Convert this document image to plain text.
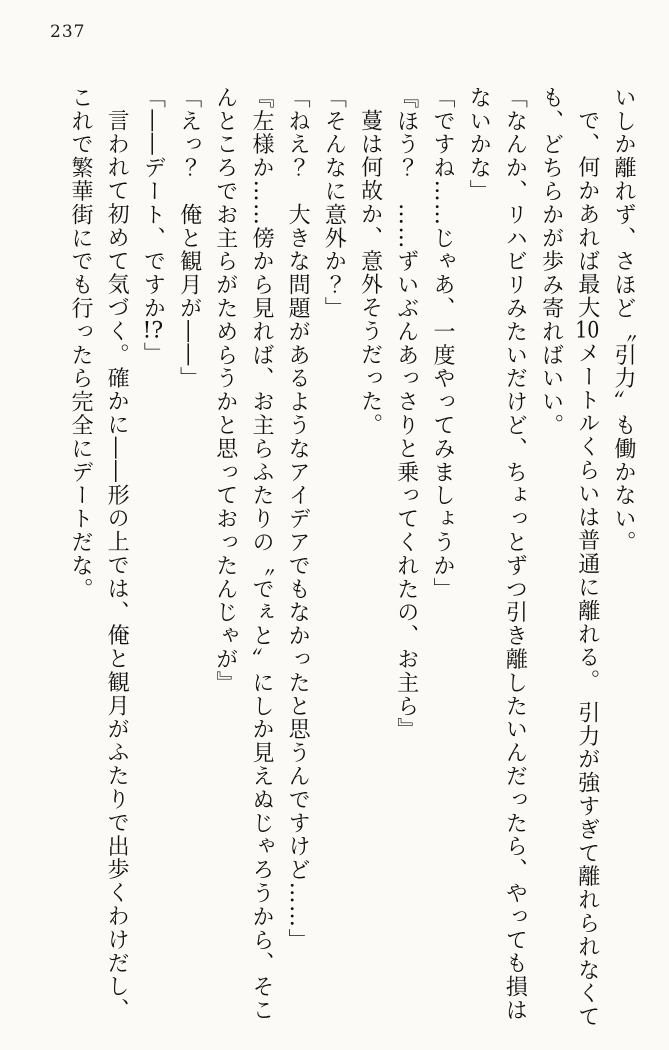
237

いしか離れず、さほど〝引力〟も働かない。

で、何かあれば最大10メートルくらいは普通に離れる。 引力が強すぎて離れられなくても、どちらかが歩み寄ればいい。

「なんか、リハビリみたいだけど、ちょっとずつ引き離したいんだったら、やっても損はないかな」

「ですね……じゃあ、一度やってみましょうか」

『ほう？　……ずいぶんあっさりと乗ってくれたの、お主ら』

蔓は何故か、意外そうだった。

「そんなに意外か？」

「ねえ？　大きな問題があるようなアイデアでもなかったと思うんですけど……」

『左様か……傍から見れば、お主らふたりの〝でぇと〟にしか見えぬじゃろうから、そこんところでお主らがためらうかと思っておったんじゃが』

「えっ？　俺と観月が――」

「――デート、ですか!?」

言われて初めて気づく。確かに――形の上では、俺と観月がふたりで出歩くわけだし、これで繁華街にでも行ったら完全にデートだな。
